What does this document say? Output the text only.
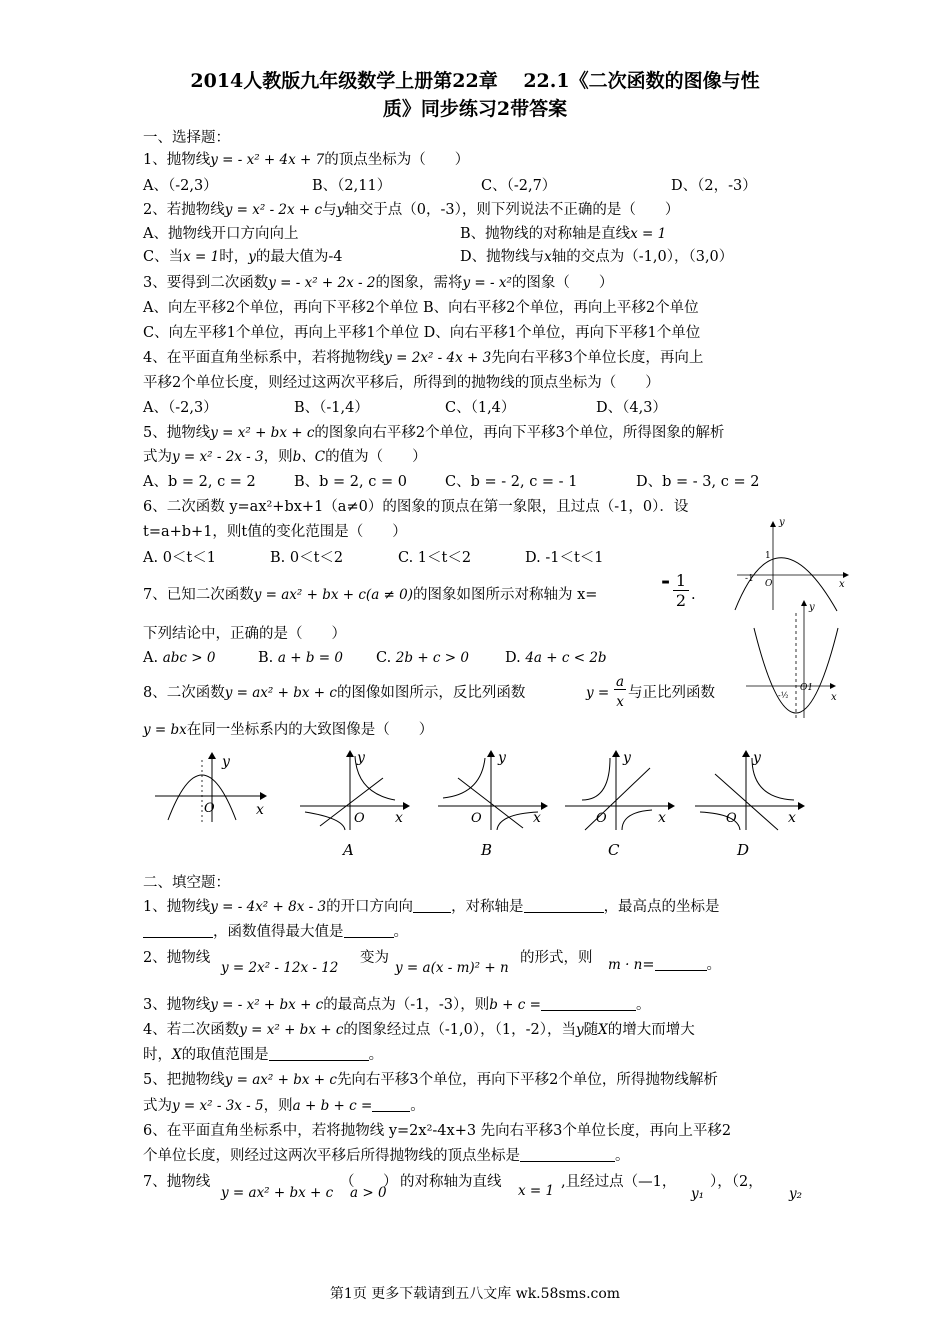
2014人教版九年级数学上册第22章　 22.1《二次函数的图像与性
质》同步练习2带答案
一、选择题：
1、抛物线y = - x² + 4x + 7的顶点坐标为（　　）
A、（-2,3）	B、（2,11）	C、（-2,7）	D、（2，-3）
2、若抛物线y = x² - 2x + c与y轴交于点（0，-3），则下列说法不正确的是（　　）
A、抛物线开口方向向上	B、抛物线的对称轴是直线x = 1
C、当x = 1时，y的最大值为-4	D、抛物线与x轴的交点为（-1,0），（3,0）
3、要得到二次函数y = - x² + 2x - 2的图象，需将y = - x²的图象（　　）
A、向左平移2个单位，再向下平移2个单位 B、向右平移2个单位，再向上平移2个单位
C、向左平移1个单位，再向上平移1个单位 D、向右平移1个单位，再向下平移1个单位
4、在平面直角坐标系中，若将抛物线y = 2x² - 4x + 3先向右平移3个单位长度，再向上
平移2个单位长度，则经过这两次平移后，所得到的抛物线的顶点坐标为（　　）
A、（-2,3）	B、（-1,4）	C、（1,4）	D、（4,3）
5、抛物线y = x² + bx + c的图象向右平移2个单位，再向下平移3个单位，所得图象的解析
式为y = x² - 2x - 3，则b、C的值为（　　）
A、b = 2, c = 2	B、b = 2, c = 0	C、b = - 2, c = - 1	D、b = - 3, c = 2
6、二次函数 y=ax²+bx+1（a≠0）的图象的顶点在第一象限，且过点（-1，0）．设
t=a+b+1，则t值的变化范围是（　　）
A. 0＜t＜1	B. 0＜t＜2	C. 1＜t＜2	D. -1＜t＜1
7、已知二次函数y = ax² + bx + c(a ≠ 0)的图象如图所示对称轴为 x=
- 1
2 .
下列结论中，正确的是（　　）
A. abc > 0	B. a + b = 0 C. 2b + c > 0 D. 4a + c < 2b
8、二次函数y = ax² + bx + c的图像如图所示，反比列函数	y =
a
x
与正比列函数
y = bx在同一坐标系内的大致图像是（　　）
y
x
1
-1 O
y
x
-½
O1
y
x
O
y
x
O
y
x
O
y
x
O
y
x
O
A	B	C	D
二、填空题：
1、抛物线y = - 4x² + 8x - 3的开口方向向	，对称轴是	，最高点的坐标是
，函数值得最大值是	。
2、抛物线
y = 2x² - 12x - 12
变为
y = a(x - m)² + n
的形式，则 m · n=	。
3、抛物线y = - x² + bx + c的最高点为（-1，-3），则b + c =	。
4、若二次函数y = x² + bx + c的图象经过点（-1,0），（1，-2），当y随X的增大而增大
时，X的取值范围是	。
5、把抛物线y = ax² + bx + c先向右平移3个单位，再向下平移2个单位，所得抛物线解析
式为y = x² - 3x - 5，则a + b + c =	。
6、在平面直角坐标系中，若将抛物线 y=2x²-4x+3 先向右平移3个单位长度，再向上平移2
个单位长度，则经过这两次平移后所得抛物线的顶点坐标是	。
7、抛物线
y = ax² + bx + c
（
a > 0
） 的对称轴为直线
x = 1
,且经过点（—1，
y₁
），（2，
y₂
第1页 更多下载请到五八文库 wk.58sms.com
